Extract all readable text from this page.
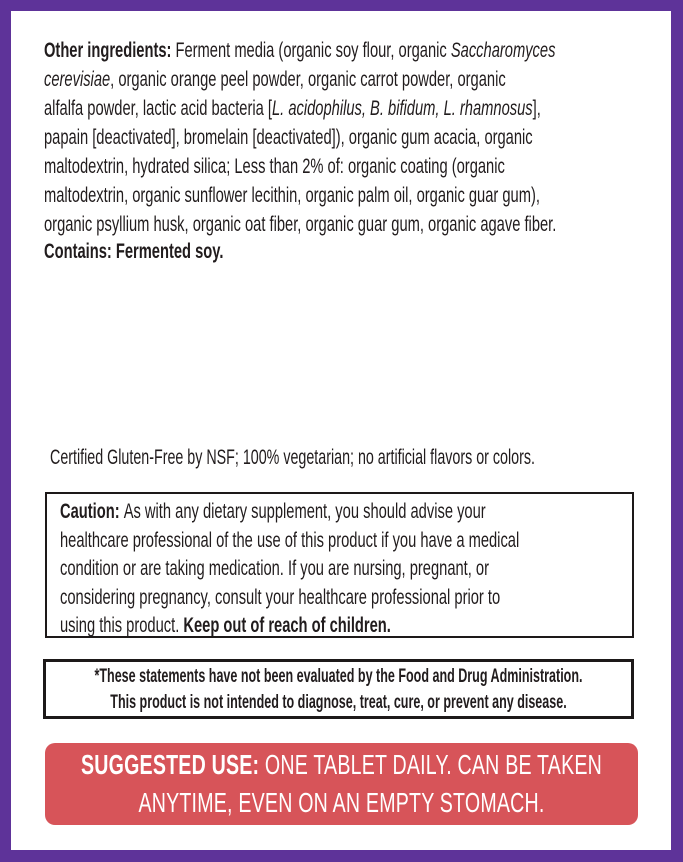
Other ingredients: Ferment media (organic soy flour, organic Saccharomyces
cerevisiae, organic orange peel powder, organic carrot powder, organic
alfalfa powder, lactic acid bacteria [L. acidophilus, B. bifidum, L. rhamnosus],
papain [deactivated], bromelain [deactivated]), organic gum acacia, organic
maltodextrin, hydrated silica; Less than 2% of: organic coating (organic
maltodextrin, organic sunflower lecithin, organic palm oil, organic guar gum),
organic psyllium husk, organic oat fiber, organic guar gum, organic agave fiber.
Contains: Fermented soy.
Certified Gluten-Free by NSF; 100% vegetarian; no artificial flavors or colors.
Caution: As with any dietary supplement, you should advise your
healthcare professional of the use of this product if you have a medical
condition or are taking medication. If you are nursing, pregnant, or
considering pregnancy, consult your healthcare professional prior to
using this product. Keep out of reach of children.
*These statements have not been evaluated by the Food and Drug Administration.
This product is not intended to diagnose, treat, cure, or prevent any disease.
SUGGESTED USE: ONE TABLET DAILY. CAN BE TAKEN
ANYTIME, EVEN ON AN EMPTY STOMACH.
